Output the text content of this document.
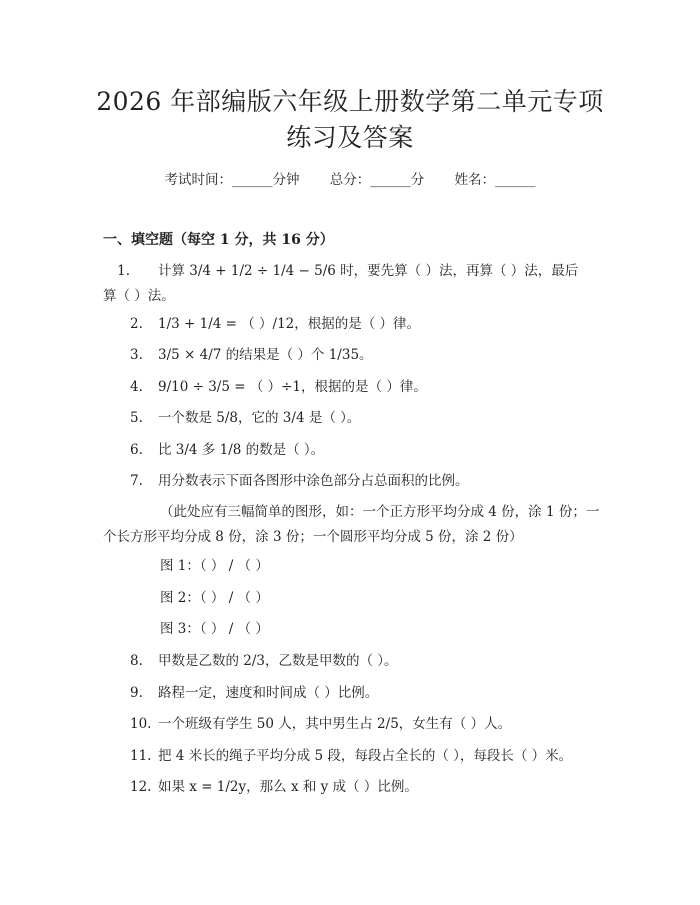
2026 年部编版六年级上册数学第二单元专项
练习及答案
考试时间：______分钟 总分：______分 姓名：______
一、填空题（每空 1 分，共 16 分）
1. 计算 3/4 + 1/2 ÷ 1/4 − 5/6 时，要先算（ ）法，再算（ ）法，最后
算（ ）法。
2. 1/3 + 1/4 = （ ）/12，根据的是（ ）律。
3. 3/5 × 4/7 的结果是（ ）个 1/35。
4. 9/10 ÷ 3/5 = （ ）÷1，根据的是（ ）律。
5. 一个数是 5/8，它的 3/4 是（ ）。
6. 比 3/4 多 1/8 的数是（ ）。
7. 用分数表示下面各图形中涂色部分占总面积的比例。
（此处应有三幅简单的图形，如：一个正方形平均分成 4 份，涂 1 份；一
个长方形平均分成 8 份，涂 3 份；一个圆形平均分成 5 份，涂 2 份）
图 1：（ ） / （ ）
图 2：（ ） / （ ）
图 3：（ ） / （ ）
8. 甲数是乙数的 2/3，乙数是甲数的（ ）。
9. 路程一定，速度和时间成（ ）比例。
10. 一个班级有学生 50 人，其中男生占 2/5，女生有（ ）人。
11. 把 4 米长的绳子平均分成 5 段，每段占全长的（ ），每段长（ ）米。
12. 如果 x = 1/2y，那么 x 和 y 成（ ）比例。
